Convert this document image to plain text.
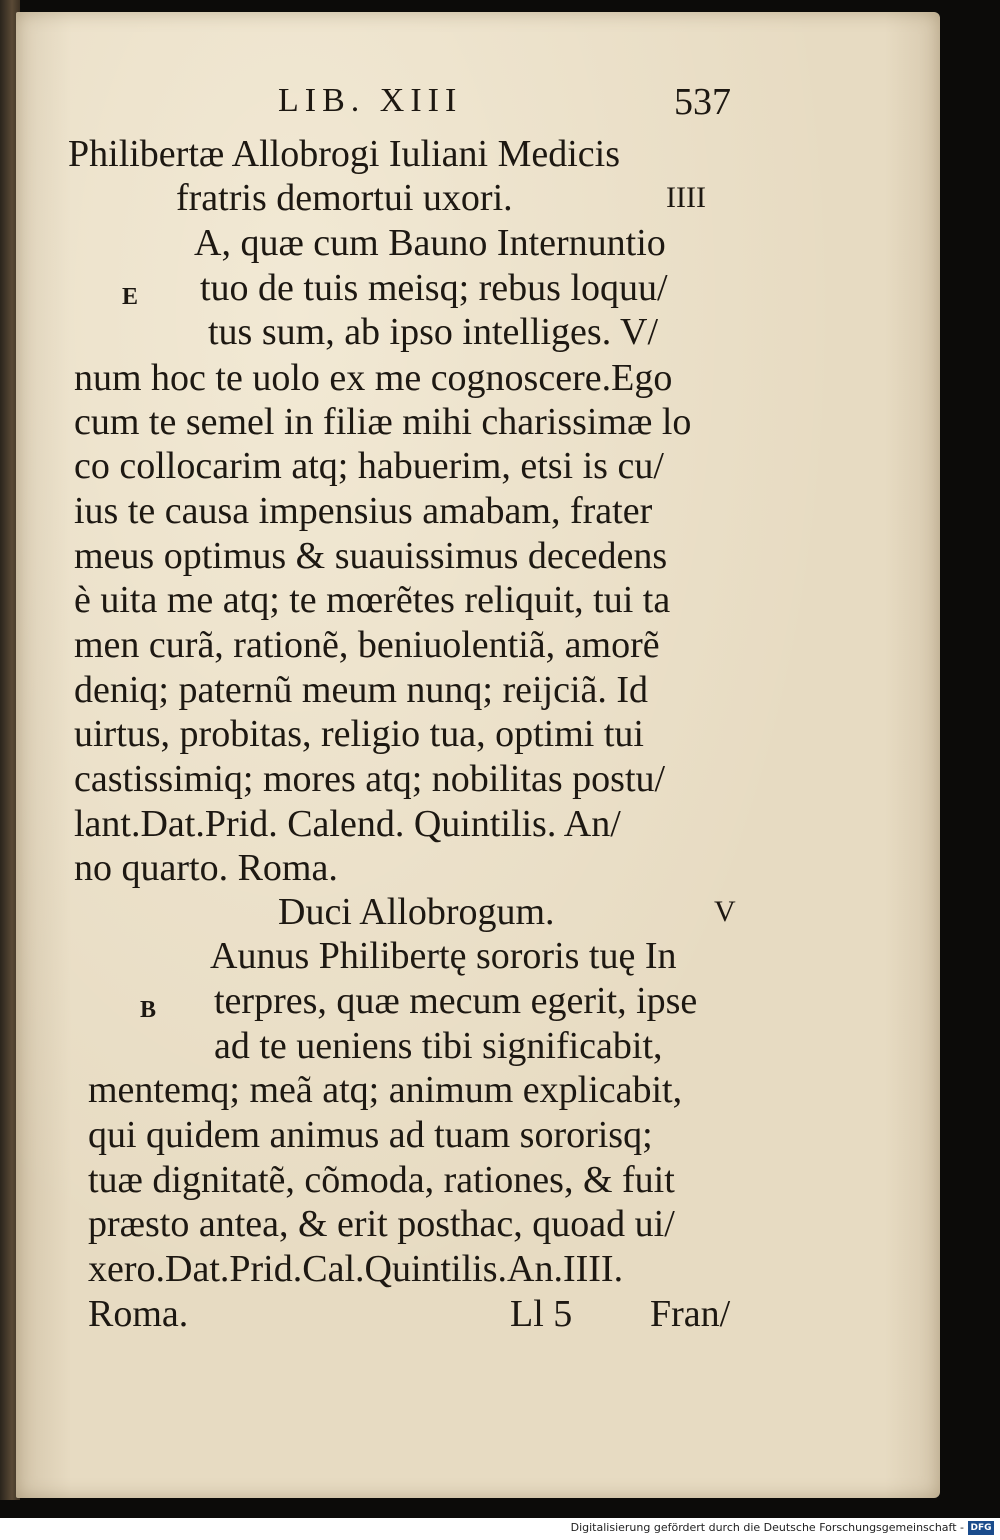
LIB. XIII	537
Philibertæ Allobrogi Iuliani Medicis
fratris demortui uxori.	IIII
A, quæ cum Bauno Internuntio
E tuo de tuis meisq; rebus loquu/
tus sum, ab ipso intelliges. V/
num hoc te uolo ex me cognoscere.Ego
cum te semel in filiæ mihi charissimæ lo
co collocarim atq; habuerim, etsi is cu/
ius te causa impensius amabam, frater
meus optimus & suauissimus decedens
è uita me atq; te mœrẽtes reliquit, tui ta
men curã, rationẽ, beniuolentiã, amorẽ
deniq; paternũ meum nunq; reijciã. Id
uirtus, probitas, religio tua, optimi tui
castissimiq; mores atq; nobilitas postu/
lant.Dat.Prid. Calend. Quintilis. An/
no quarto. Roma.
Duci Allobrogum.	V
Aunus Philibertę sororis tuę In
B terpres, quæ mecum egerit, ipse
ad te ueniens tibi significabit,
mentemq; meã atq; animum explicabit,
qui quidem animus ad tuam sororisq;
tuæ dignitatẽ, cõmoda, rationes, & fuit
præsto antea, & erit posthac, quoad ui/
xero.Dat.Prid.Cal.Quintilis.An.IIII.
Roma.	Ll 5 Fran/
Digitalisierung gefördert durch die Deutsche Forschungsgemeinschaft - DFG
